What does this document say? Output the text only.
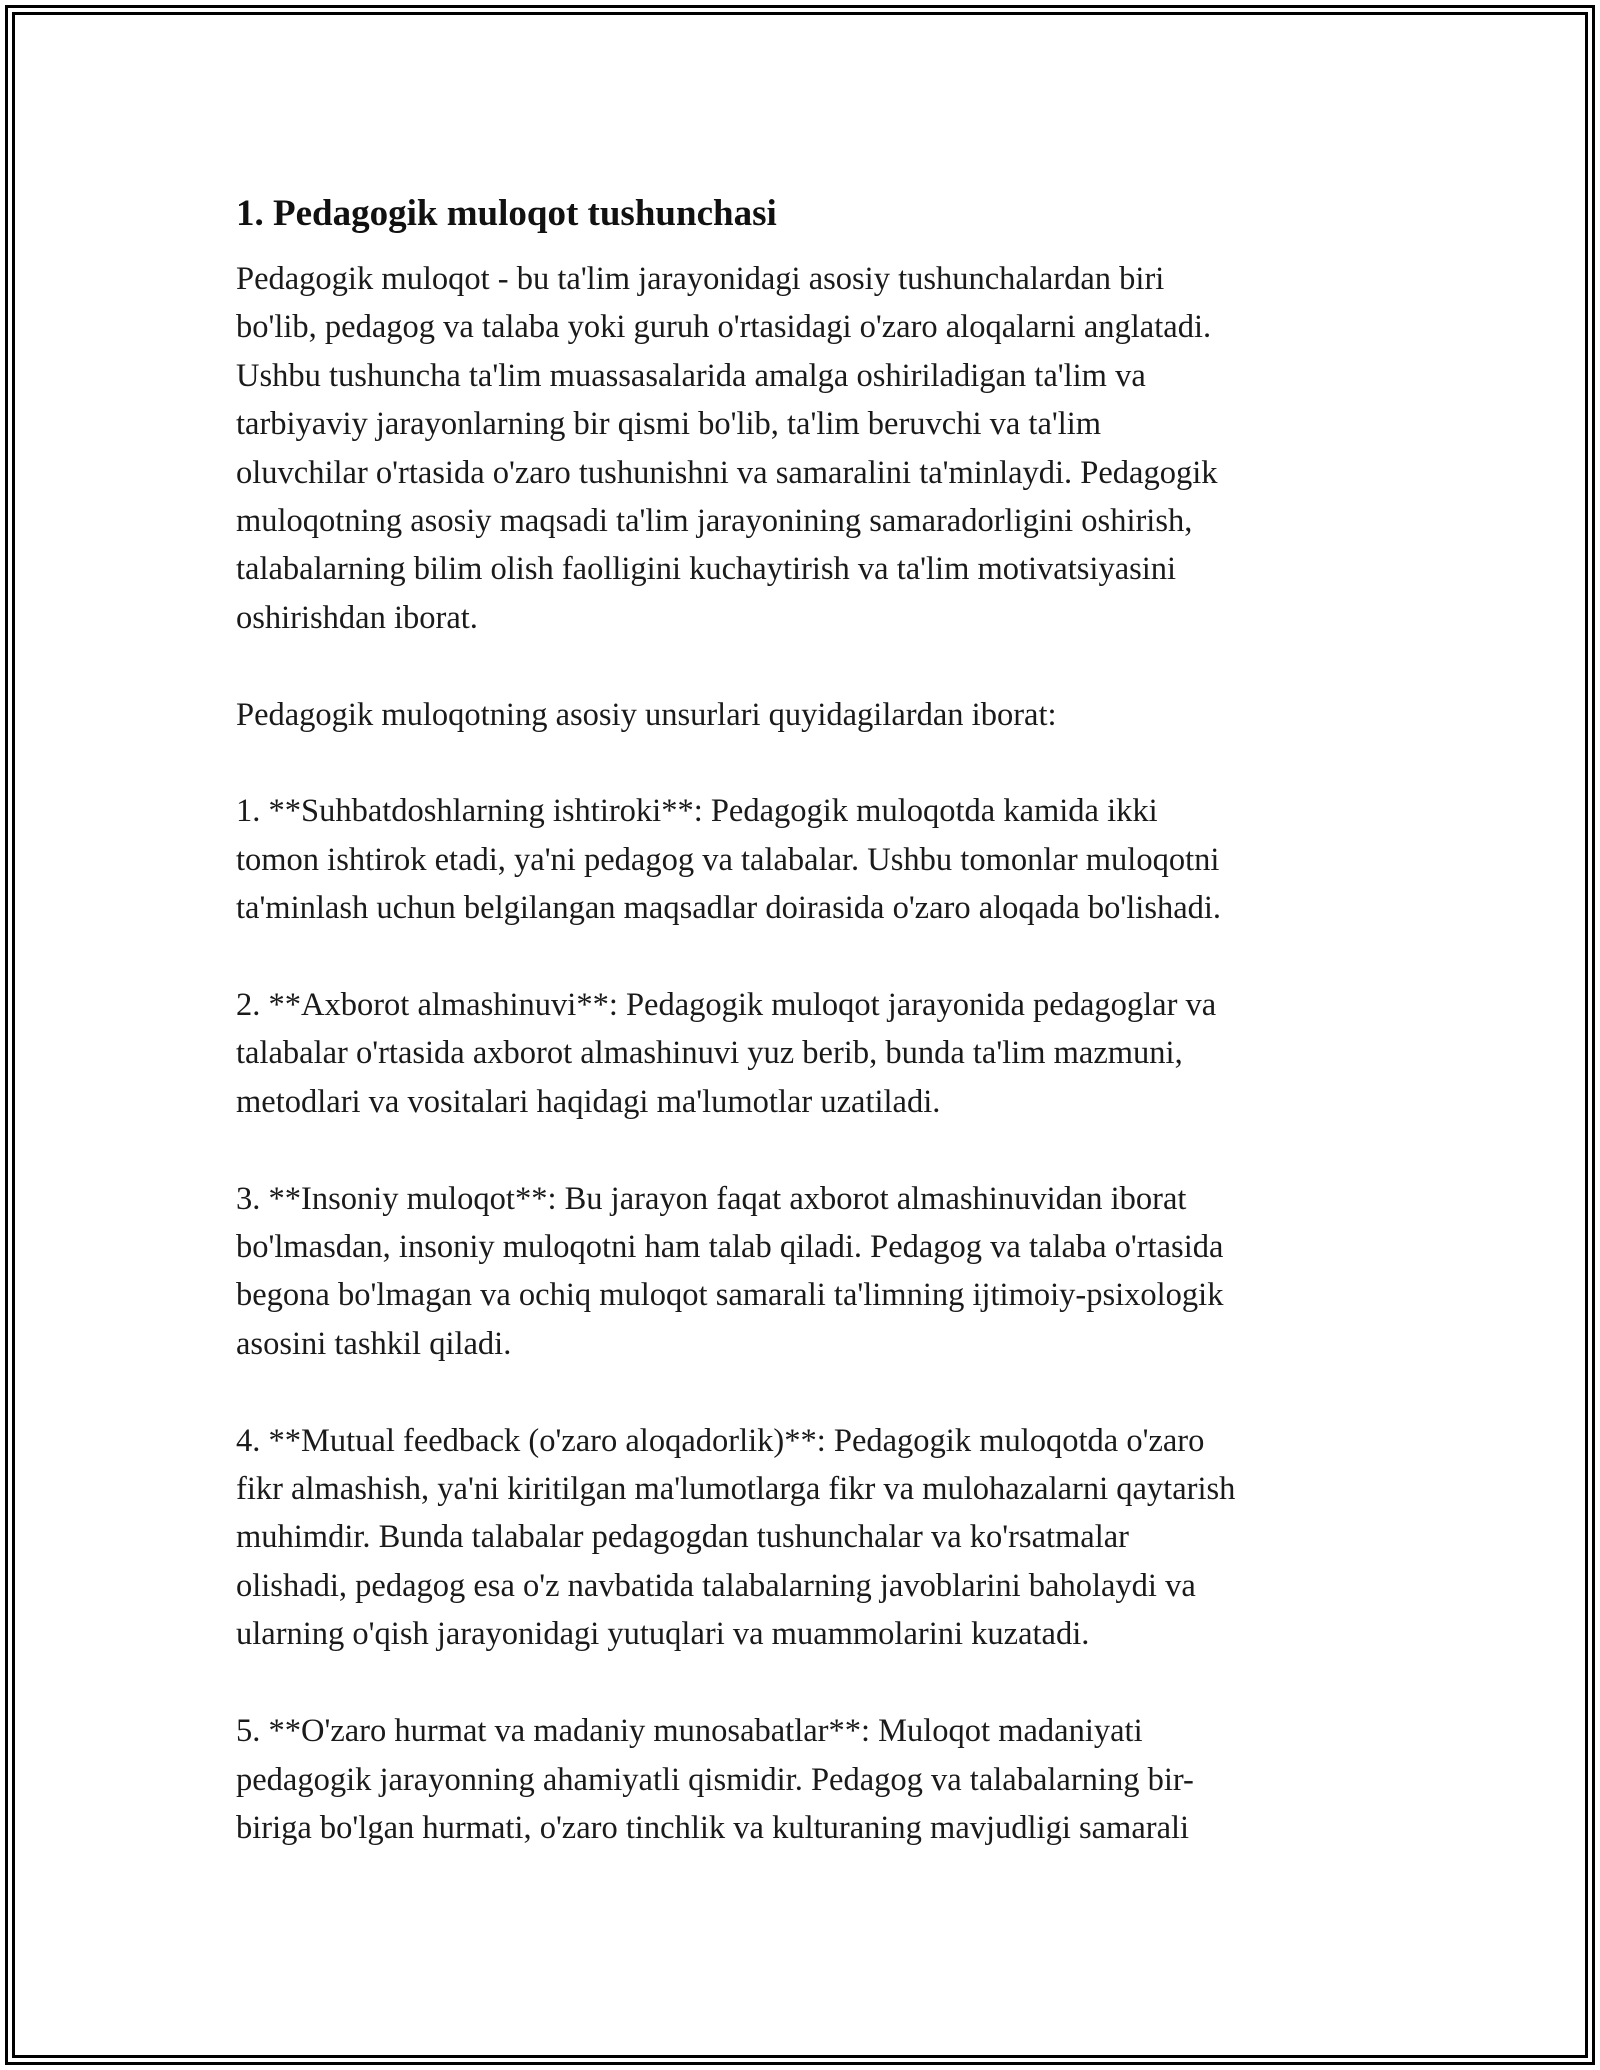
1. Pedagogik muloqot tushunchasi

Pedagogik muloqot - bu ta'lim jarayonidagi asosiy tushunchalardan biri
bo'lib, pedagog va talaba yoki guruh o'rtasidagi o'zaro aloqalarni anglatadi.
Ushbu tushuncha ta'lim muassasalarida amalga oshiriladigan ta'lim va
tarbiyaviy jarayonlarning bir qismi bo'lib, ta'lim beruvchi va ta'lim
oluvchilar o'rtasida o'zaro tushunishni va samaralini ta'minlaydi. Pedagogik
muloqotning asosiy maqsadi ta'lim jarayonining samaradorligini oshirish,
talabalarning bilim olish faolligini kuchaytirish va ta'lim motivatsiyasini
oshirishdan iborat.

Pedagogik muloqotning asosiy unsurlari quyidagilardan iborat:

1. **Suhbatdoshlarning ishtiroki**: Pedagogik muloqotda kamida ikki
tomon ishtirok etadi, ya'ni pedagog va talabalar. Ushbu tomonlar muloqotni
ta'minlash uchun belgilangan maqsadlar doirasida o'zaro aloqada bo'lishadi.

2. **Axborot almashinuvi**: Pedagogik muloqot jarayonida pedagoglar va
talabalar o'rtasida axborot almashinuvi yuz berib, bunda ta'lim mazmuni,
metodlari va vositalari haqidagi ma'lumotlar uzatiladi.

3. **Insoniy muloqot**: Bu jarayon faqat axborot almashinuvidan iborat
bo'lmasdan, insoniy muloqotni ham talab qiladi. Pedagog va talaba o'rtasida
begona bo'lmagan va ochiq muloqot samarali ta'limning ijtimoiy-psixologik
asosini tashkil qiladi.

4. **Mutual feedback (o'zaro aloqadorlik)**: Pedagogik muloqotda o'zaro
fikr almashish, ya'ni kiritilgan ma'lumotlarga fikr va mulohazalarni qaytarish
muhimdir. Bunda talabalar pedagogdan tushunchalar va ko'rsatmalar
olishadi, pedagog esa o'z navbatida talabalarning javoblarini baholaydi va
ularning o'qish jarayonidagi yutuqlari va muammolarini kuzatadi.

5. **O'zaro hurmat va madaniy munosabatlar**: Muloqot madaniyati
pedagogik jarayonning ahamiyatli qismidir. Pedagog va talabalarning bir-
biriga bo'lgan hurmati, o'zaro tinchlik va kulturaning mavjudligi samarali
